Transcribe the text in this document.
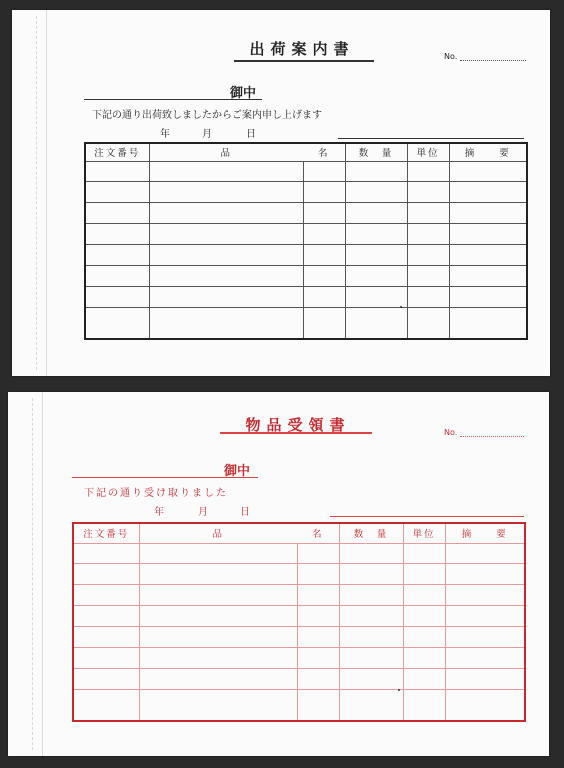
出荷案内書	No.
御中
下記の通り出荷致しましたからご案内申し上げます
年	月	日
注文番号	品	名	数　量	単位	摘　　要

物品受領書	No.
御中
下記の通り受け取りました
年	月	日
注文番号	品	名	数　量	単位	摘　　要
